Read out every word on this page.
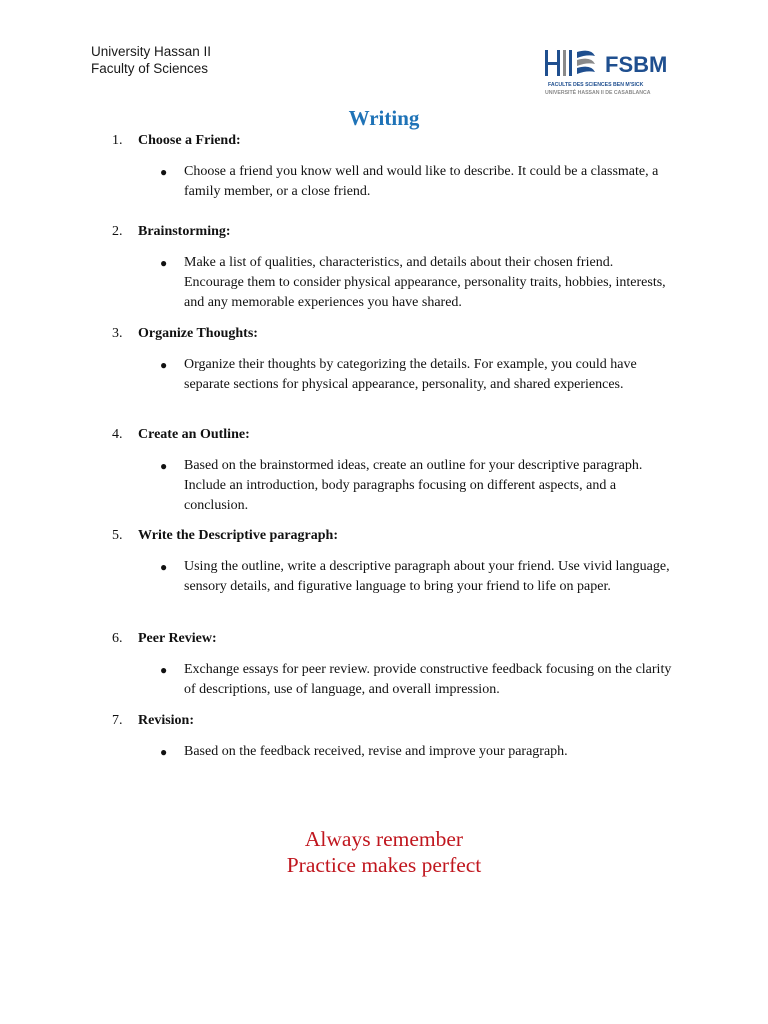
University Hassan II
Faculty of Sciences	FSBM
FACULTE DES SCIENCES BEN M'SICK
UNIVERSITÉ HASSAN II DE CASABLANCA
Writing
1.	Choose a Friend:
● Choose a friend you know well and would like to describe. It could be a classmate, a family member, or a close friend.
2.	Brainstorming:
● Make a list of qualities, characteristics, and details about their chosen friend. Encourage them to consider physical appearance, personality traits, hobbies, interests, and any memorable experiences you have shared.
3.	Organize Thoughts:
● Organize their thoughts by categorizing the details. For example, you could have separate sections for physical appearance, personality, and shared experiences.
4.	Create an Outline:
● Based on the brainstormed ideas, create an outline for your descriptive paragraph. Include an introduction, body paragraphs focusing on different aspects, and a conclusion.
5.	Write the Descriptive paragraph:
● Using the outline, write a descriptive paragraph about your friend. Use vivid language, sensory details, and figurative language to bring your friend to life on paper.
6.	Peer Review:
● Exchange essays for peer review. provide constructive feedback focusing on the clarity of descriptions, use of language, and overall impression.
7.	Revision:
● Based on the feedback received, revise and improve your paragraph.
Always remember
Practice makes perfect
